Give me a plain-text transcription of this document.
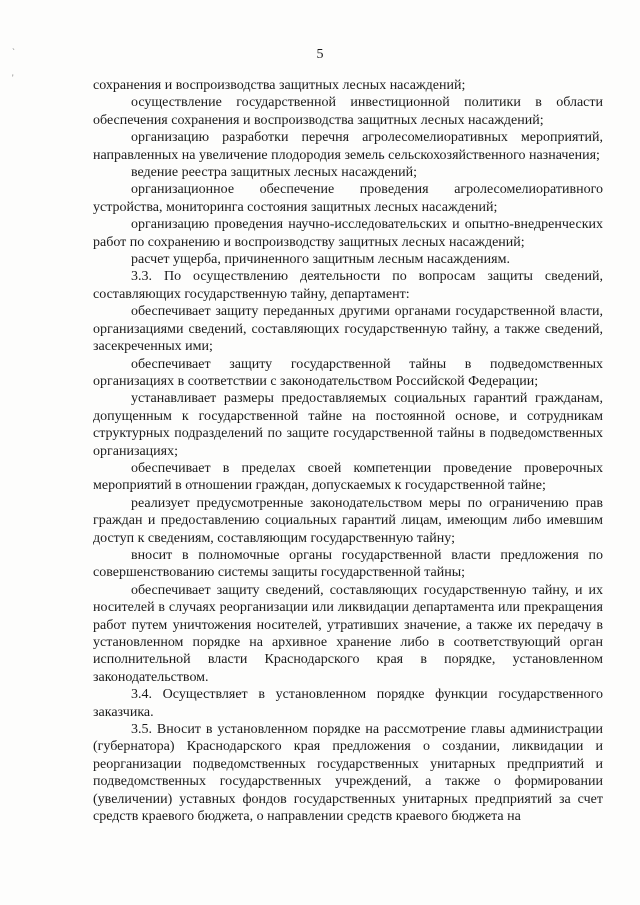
`
'
5

сохранения и воспроизводства защитных лесных насаждений;

осуществление государственной инвестиционной политики в области обеспечения сохранения и воспроизводства защитных лесных насаждений;

организацию разработки перечня агролесомелиоративных мероприятий, направленных на увеличение плодородия земель сельскохозяйственного назначения;

ведение реестра защитных лесных насаждений;

организационное обеспечение проведения агролесомелиоративного устройства, мониторинга состояния защитных лесных насаждений;

организацию проведения научно-исследовательских и опытно-внедренческих работ по сохранению и воспроизводству защитных лесных насаждений;

расчет ущерба, причиненного защитным лесным насаждениям.

3.3. По осуществлению деятельности по вопросам защиты сведений, составляющих государственную тайну, департамент:

обеспечивает защиту переданных другими органами государственной власти, организациями сведений, составляющих государственную тайну, а также сведений, засекреченных ими;

обеспечивает защиту государственной тайны в подведомственных организациях в соответствии с законодательством Российской Федерации;

устанавливает размеры предоставляемых социальных гарантий гражданам, допущенным к государственной тайне на постоянной основе, и сотрудникам структурных подразделений по защите государственной тайны в подведомственных организациях;

обеспечивает в пределах своей компетенции проведение проверочных мероприятий в отношении граждан, допускаемых к государственной тайне;

реализует предусмотренные законодательством меры по ограничению прав граждан и предоставлению социальных гарантий лицам, имеющим либо имевшим доступ к сведениям, составляющим государственную тайну;

вносит в полномочные органы государственной власти предложения по совершенствованию системы защиты государственной тайны;

обеспечивает защиту сведений, составляющих государственную тайну, и их носителей в случаях реорганизации или ликвидации департамента или прекращения работ путем уничтожения носителей, утративших значение, а также их передачу в установленном порядке на архивное хранение либо в соответствующий орган исполнительной власти Краснодарского края в порядке, установленном законодательством.

3.4. Осуществляет в установленном порядке функции государственного заказчика.

3.5. Вносит в установленном порядке на рассмотрение главы администрации (губернатора) Краснодарского края предложения о создании, ликвидации и реорганизации подведомственных государственных унитарных предприятий и подведомственных государственных учреждений, а также о формировании (увеличении) уставных фондов государственных унитарных предприятий за счет средств краевого бюджета, о направлении средств краевого бюджета на
